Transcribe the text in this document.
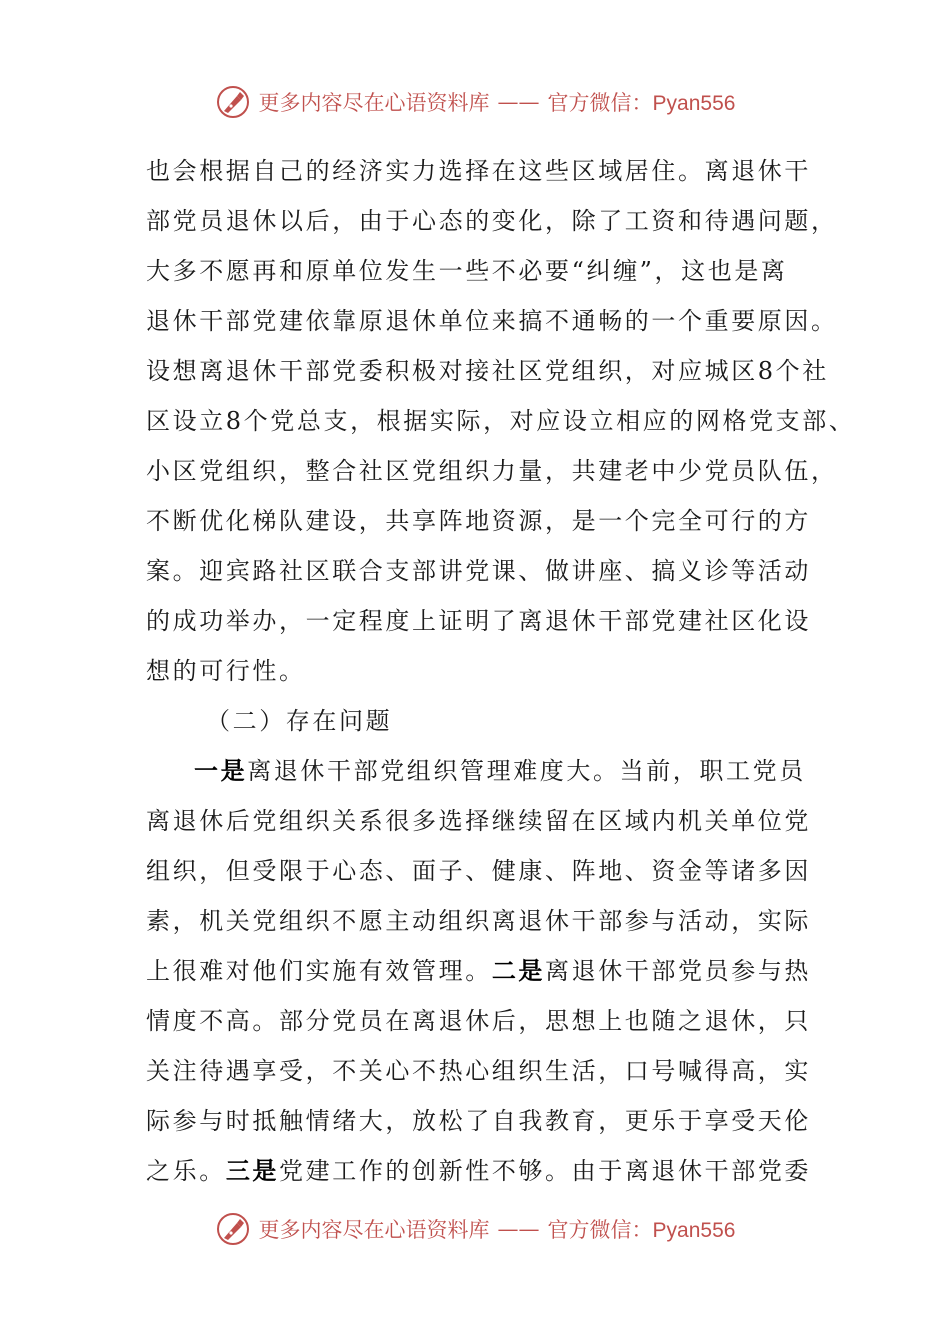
更多内容尽在心语资料库 —— 官方微信：Pyan556
也会根据自己的经济实力选择在这些区域居住。离退休干
部党员退休以后，由于心态的变化，除了工资和待遇问题，
大多不愿再和原单位发生一些不必要“纠缠”，这也是离
退休干部党建依靠原退休单位来搞不通畅的一个重要原因。
设想离退休干部党委积极对接社区党组织，对应城区8个社
区设立8个党总支，根据实际，对应设立相应的网格党支部、
小区党组织，整合社区党组织力量，共建老中少党员队伍，
不断优化梯队建设，共享阵地资源，是一个完全可行的方
案。迎宾路社区联合支部讲党课、做讲座、搞义诊等活动
的成功举办，一定程度上证明了离退休干部党建社区化设
想的可行性。
（二）存在问题
一是离退休干部党组织管理难度大。当前，职工党员
离退休后党组织关系很多选择继续留在区域内机关单位党
组织，但受限于心态、面子、健康、阵地、资金等诸多因
素，机关党组织不愿主动组织离退休干部参与活动，实际
上很难对他们实施有效管理。二是离退休干部党员参与热
情度不高。部分党员在离退休后，思想上也随之退休，只
关注待遇享受，不关心不热心组织生活，口号喊得高，实
际参与时抵触情绪大，放松了自我教育，更乐于享受天伦
之乐。三是党建工作的创新性不够。由于离退休干部党委
更多内容尽在心语资料库 —— 官方微信：Pyan556
